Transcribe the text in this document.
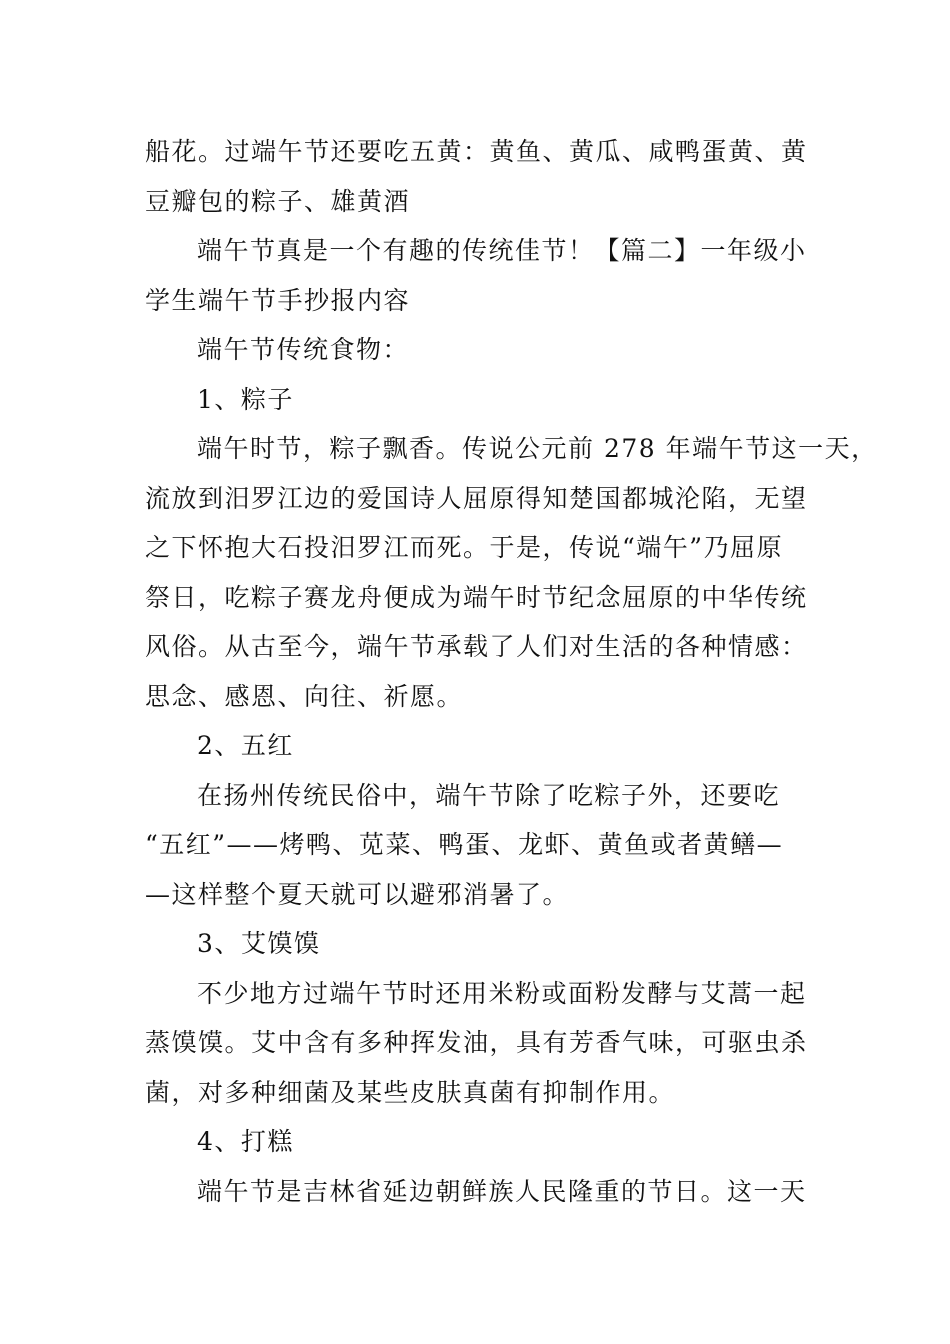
船花。过端午节还要吃五黄：黄鱼、黄瓜、咸鸭蛋黄、黄
豆瓣包的粽子、雄黄酒

端午节真是一个有趣的传统佳节！【篇二】一年级小
学生端午节手抄报内容

端午节传统食物：

1、粽子

端午时节，粽子飘香。传说公元前 278 年端午节这一天，
流放到汨罗江边的爱国诗人屈原得知楚国都城沦陷，无望
之下怀抱大石投汨罗江而死。于是，传说“端午”乃屈原
祭日，吃粽子赛龙舟便成为端午时节纪念屈原的中华传统
风俗。从古至今，端午节承载了人们对生活的各种情感：
思念、感恩、向往、祈愿。

2、五红

在扬州传统民俗中，端午节除了吃粽子外，还要吃
“五红”——烤鸭、苋菜、鸭蛋、龙虾、黄鱼或者黄鳝—
—这样整个夏天就可以避邪消暑了。

3、艾馍馍

不少地方过端午节时还用米粉或面粉发酵与艾蒿一起
蒸馍馍。艾中含有多种挥发油，具有芳香气味，可驱虫杀
菌，对多种细菌及某些皮肤真菌有抑制作用。

4、打糕

端午节是吉林省延边朝鲜族人民隆重的节日。这一天
